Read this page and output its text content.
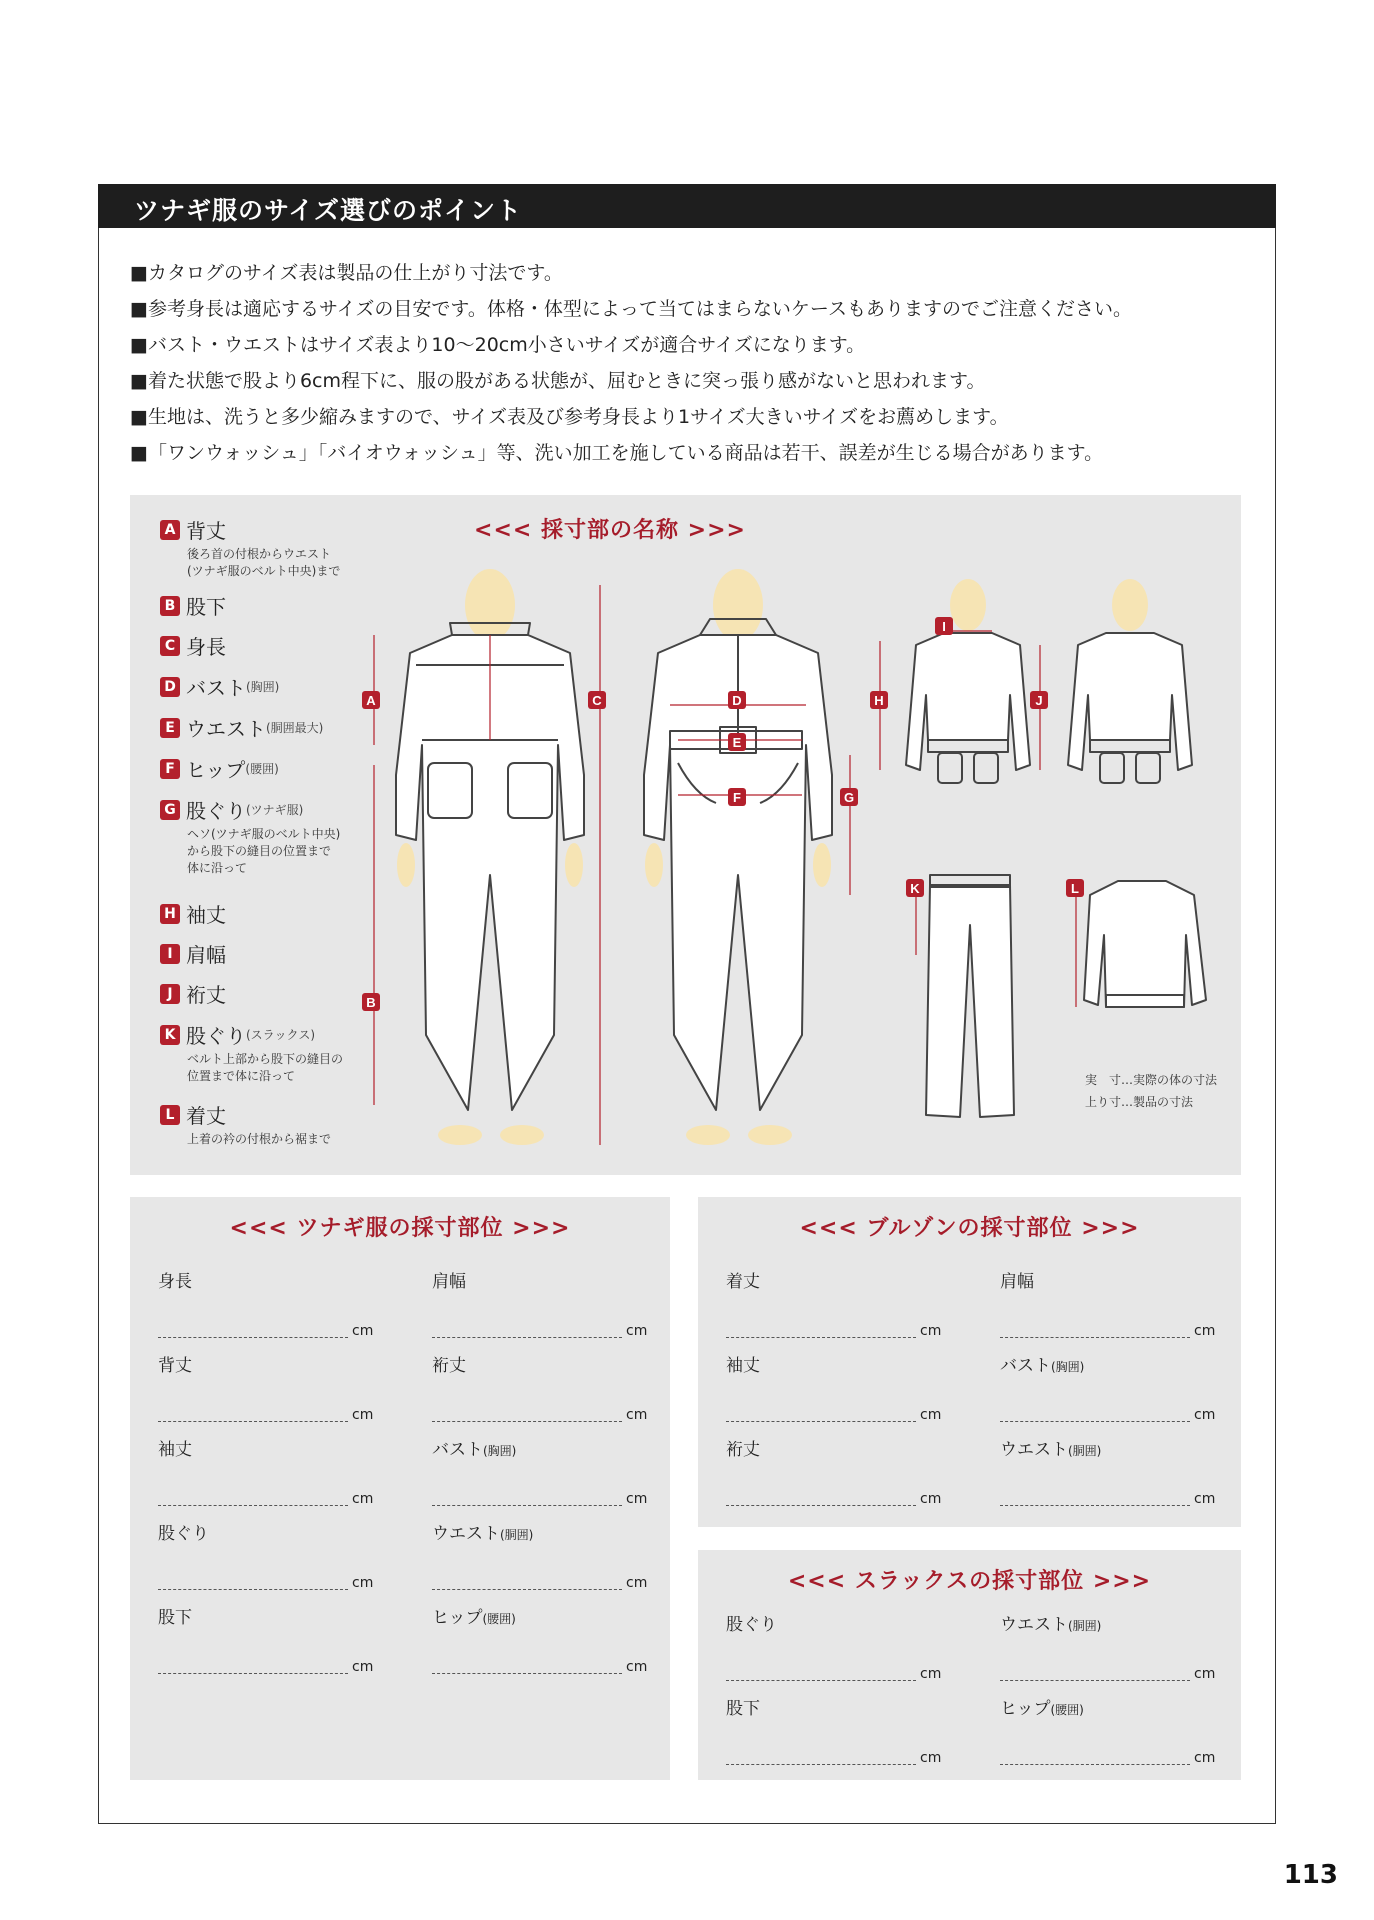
ツナギ服のサイズ選びのポイント
■カタログのサイズ表は製品の仕上がり寸法です。
■参考身長は適応するサイズの目安です。体格・体型によって当てはまらないケースもありますのでご注意ください。
■バスト・ウエストはサイズ表より10〜20cm小さいサイズが適合サイズになります。
■着た状態で股より6cm程下に、服の股がある状態が、屈むときに突っ張り感がないと思われます。
■生地は、洗うと多少縮みますので、サイズ表及び参考身長より1サイズ大きいサイズをお薦めします。
■「ワンウォッシュ」「バイオウォッシュ」等、洗い加工を施している商品は若干、誤差が生じる場合があります。
<<< 採寸部の名称 >>>
A 背丈
後ろ首の付根からウエスト
(ツナギ服のベルト中央)まで
B 股下
C 身長
D バスト(胸囲)
E ウエスト(胴囲最大)
F ヒップ(腰囲)
G 股ぐり(ツナギ服)
ヘソ(ツナギ服のベルト中央)
から股下の縫目の位置まで
体に沿って
H 袖丈
I 肩幅
J 裄丈
K 股ぐり(スラックス)
ベルト上部から股下の縫目の
位置まで体に沿って
L 着丈
上着の衿の付根から裾まで
A	C	D
E
F	G
B
H
I
J
K	L
実　寸…実際の体の寸法
上り寸…製品の寸法
<<< ツナギ服の採寸部位 >>>
身長
cm
肩幅
cm
背丈
cm
裄丈
cm
袖丈
cm
バスト(胸囲)
cm
股ぐり
cm
ウエスト(胴囲)
cm
股下
cm
ヒップ(腰囲)
cm
<<< ブルゾンの採寸部位 >>>
着丈
cm
肩幅
cm
袖丈
cm
バスト(胸囲)
cm
裄丈
cm
ウエスト(胴囲)
cm
<<< スラックスの採寸部位 >>>
股ぐり
cm
ウエスト(胴囲)
cm
股下
cm
ヒップ(腰囲)
cm
113
